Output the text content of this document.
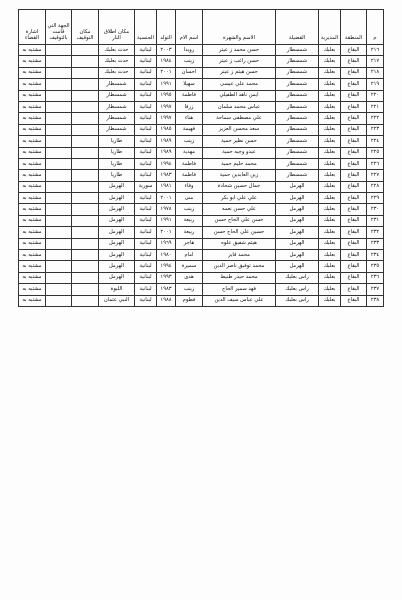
م	المنطقة	المديرية	القضيلة	الاسم والشهرة	اسم الام	التولد	الجنسية	مكان اطلاق النار	مكان التوقيف	الجهة التي قامت بالتوقيف	اشارة القضاء
٢١٦	البقاع	بعلبك	شمسطار	حسن محمد ز عيتر	رويدا	٢٠٠٣	لبنانية	حدث بعلبك			مشتبه به
٢١٧	البقاع	بعلبك	شمسطار	حسن راغب ز عيتر	زينب	١٩٨٤	لبنانية	حدث بعلبك			مشتبه به
٢١٨	البقاع	بعلبك	شمسطار	حسن هيثم ز عيتر	احسان	٢٠٠١	لبنانية	حدث بعلبك			مشتبه به
٢١٩	البقاع	بعلبك	شمسطار	محمد علي عيسى	سهيلا	١٩٩١	لبنانية	شمسطار			مشتبه به
٢٢٠	البقاع	بعلبك	شمسطار	ايمن ناهد الطفيلي	فاطمة	١٩٩٥	لبنانية	شمسطار			مشتبه به
٢٢١	البقاع	بعلبك	شمسطار	عباس محمد سلمان	زرفا	١٩٩٧	لبنانية	شمسطار			مشتبه به
٢٢٢	البقاع	بعلبك	شمسطار	علي مصطفى سماحة	هناء	١٩٩٧	لبنانية	شمسطار			مشتبه به
٢٢٣	البقاع	بعلبك	شمسطار	سعد محسن العزيز	فهيمة	١٩٨٥	لبنانية	شمسطار			مشتبه به
٢٢٤	البقاع	بعلبك	شمسطار	حسن نظير حمية	زينب	١٩٨٩	لبنانية	طاريا			مشتبه به
٢٢٥	البقاع	بعلبك	شمسطار	عيدو وجيه حمية	مهدية	١٩٨٩	لبنانية	طاريا			مشتبه به
٢٢٦	البقاع	بعلبك	شمسطار	محمد حليم حمية	فاطمة	١٩٩٤	لبنانية	طاريا			مشتبه به
٢٢٧	البقاع	بعلبك	شمسطار	زين العابدين حمية	فاطمة	١٩٨٣	لبنانية	طاريا			مشتبه به
٢٢٨	البقاع	بعلبك	الهرمل	جمال حسين شحادة	وفاء	١٩٨١	سورية	الهرمل			مشتبه به
٢٢٩	البقاع	بعلبك	الهرمل	علي علي ابو بكر	منى	٢٠٠١	لبنانية	الهرمل			مشتبه به
٢٣٠	البقاع	بعلبك	الهرمل	علي حسن نعمه	زينب	١٩٧٨	لبنانية	الهرمل			مشتبه به
٢٣١	البقاع	بعلبك	الهرمل	حسن علي الحاج حسن	ربيعة	١٩٩١	لبنانية	الهرمل			مشتبه به
٢٣٢	البقاع	بعلبك	الهرمل	حسين علي الحاج حسن	ربيعة	٢٠٠١	لبنانية	الهرمل			مشتبه به
٢٣٣	البقاع	بعلبك	الهرمل	هيثم شفيق علوه	هاجر	١٩٦٩	لبنانية	الهرمل			مشتبه به
٢٣٤	البقاع	بعلبك	الهرمل	محمد فايز	امام	١٩٨٠	لبنانية	الهرمل			مشتبه به
٢٣٥	البقاع	بعلبك	الهرمل	محمد توفيق ناصر الدين	سميرة	١٩٩٤	لبنانية	الهرمل			مشتبه به
٢٣٦	البقاع	بعلبك	راس بعلبك	محمد حيدر طنيط	هدى	١٩٩٣	لبنانية	الهرمل			مشتبه به
٢٣٧	البقاع	بعلبك	راس بعلبك	فهد سمير الحاج	زينب	١٩٨٣	لبنانية	اللبوة			مشتبه به
٢٣٨	البقاع	بعلبك	راس بعلبك	علي عباس سيف الدين	فطوم	١٩٨٨	لبنانية	النبي عثمان			مشتبه به
